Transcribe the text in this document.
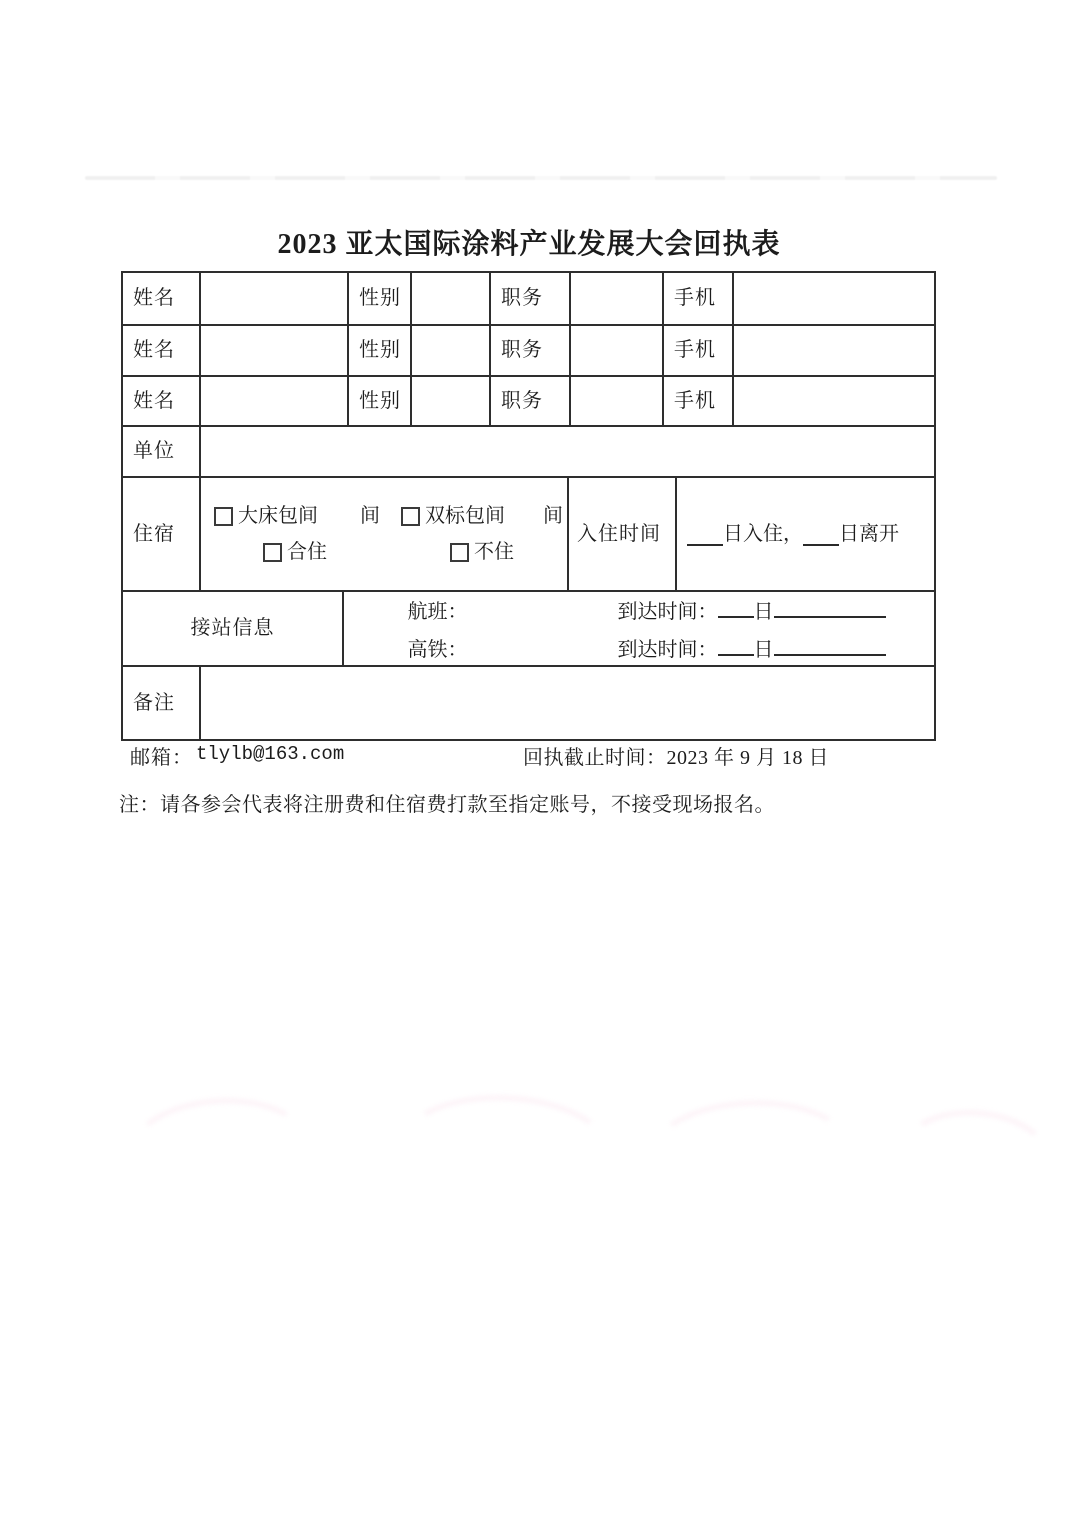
2023 亚太国际涂料产业发展大会回执表
姓名	性别	职务	手机
姓名	性别	职务	手机
姓名	性别	职务	手机
单位
住宿
大床包间 间 双标包间 间
合住	不住
入住时间	日入住， 日离开
接站信息
航班：	到达时间： 日
高铁：	到达时间： 日
备注
邮箱： tlylb@163.com	回执截止时间：2023 年 9 月 18 日
注：请各参会代表将注册费和住宿费打款至指定账号，不接受现场报名。
